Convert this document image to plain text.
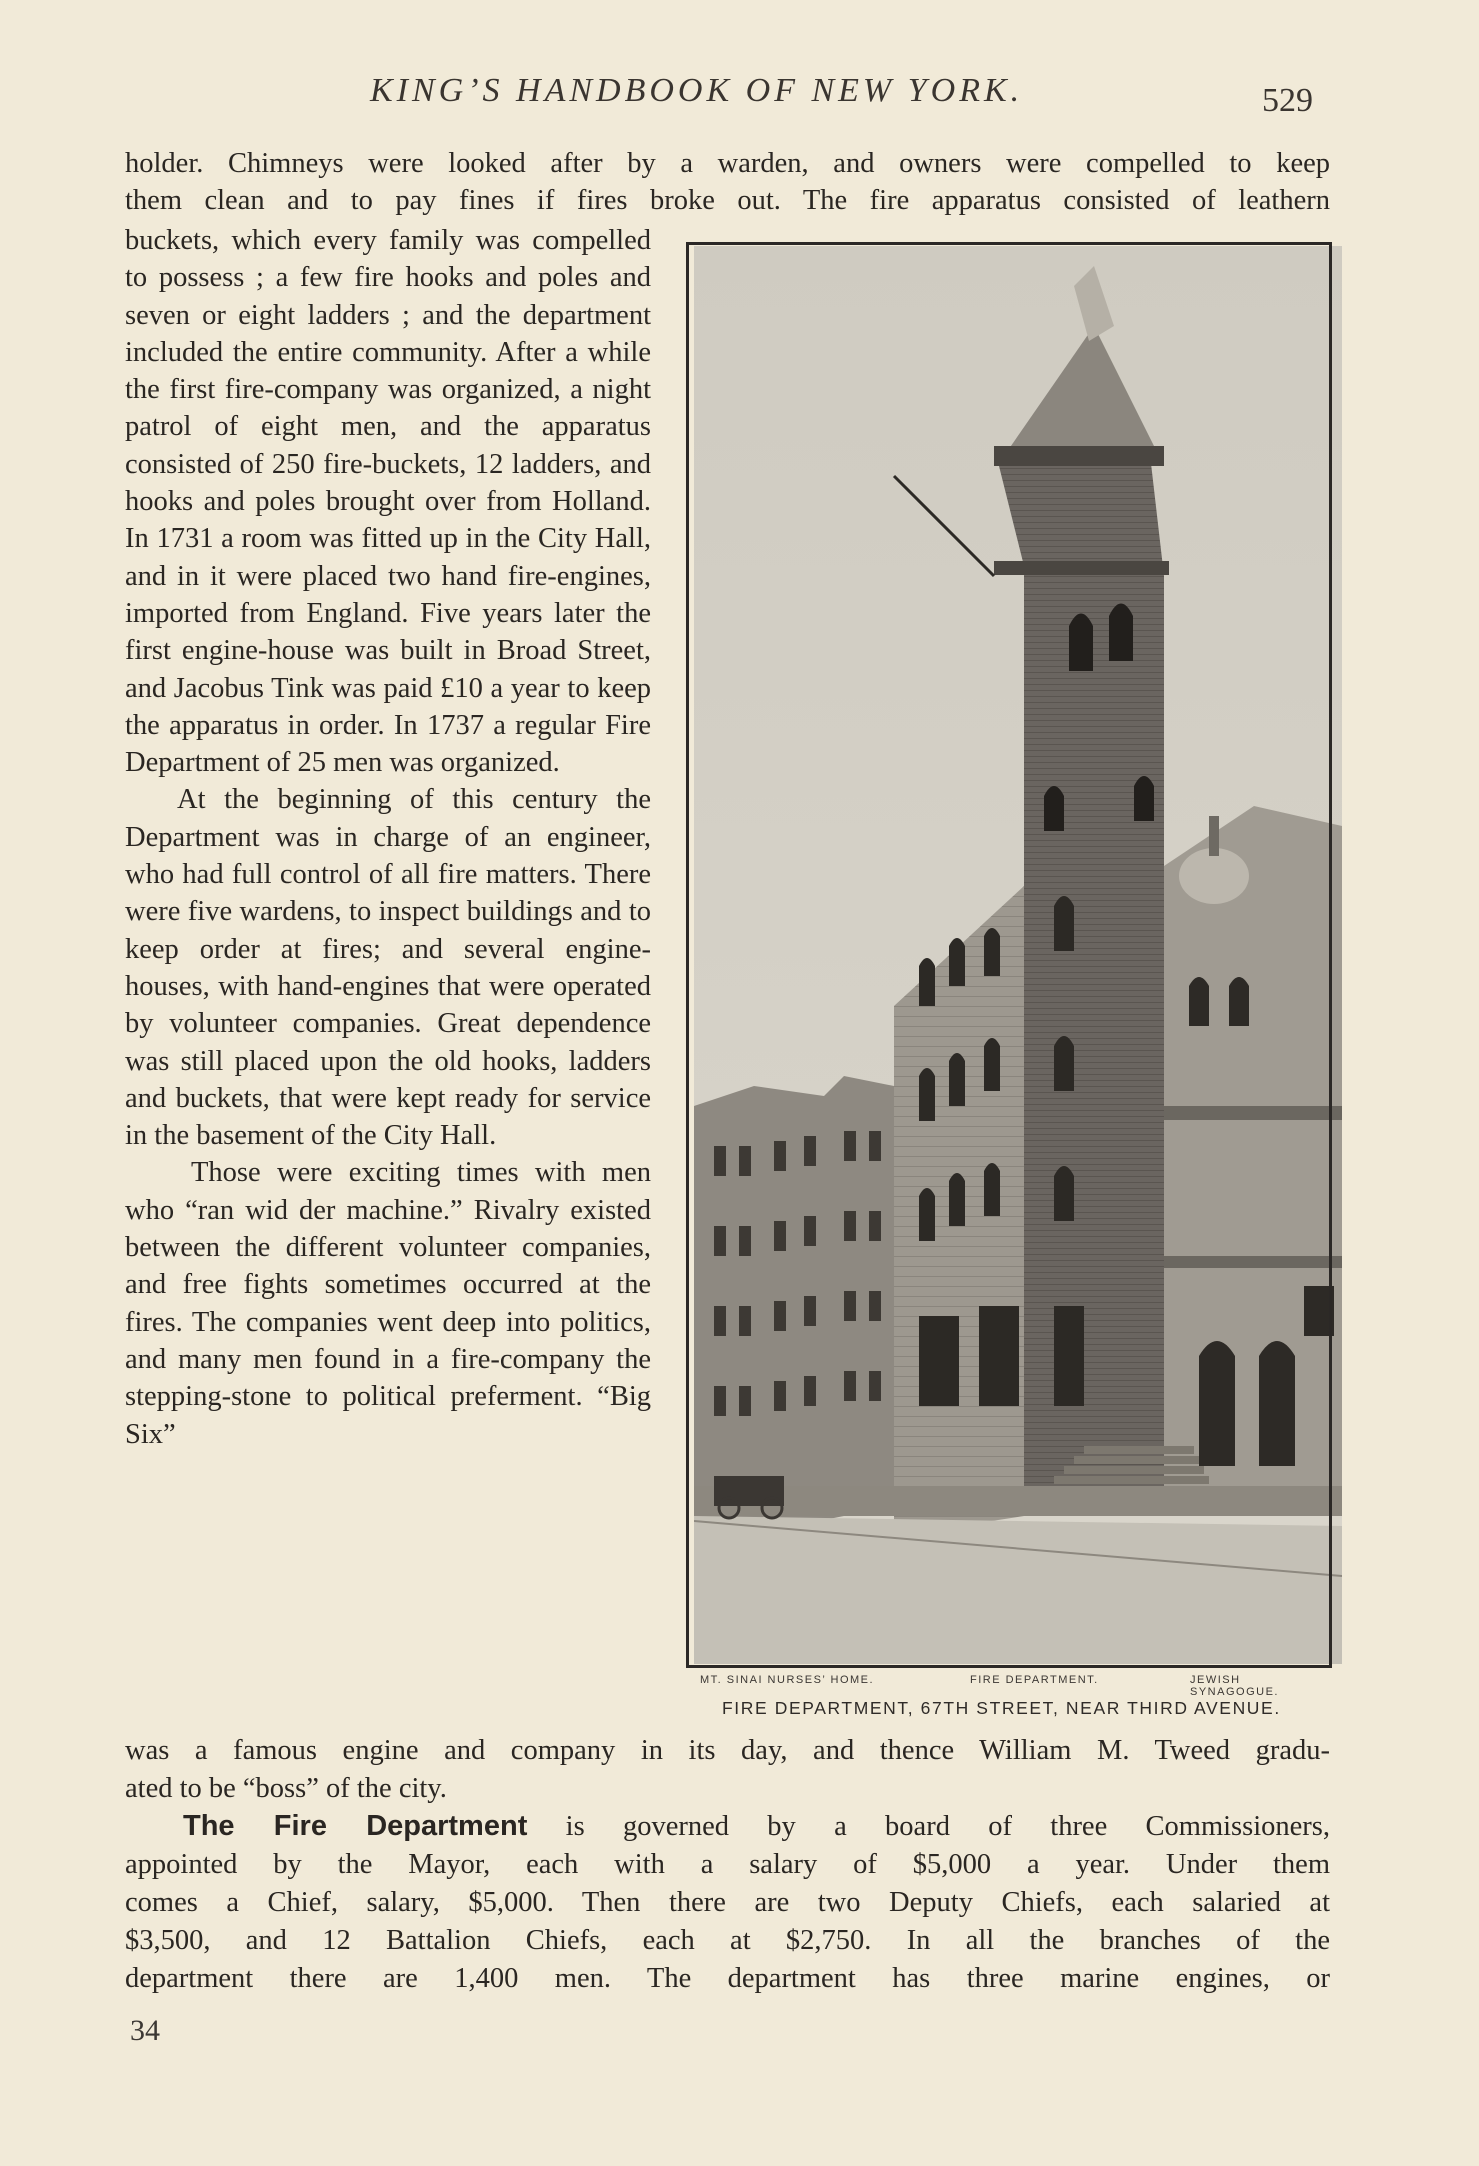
KING’S HANDBOOK OF NEW YORK.	529
holder. Chimneys were looked after by a warden, and owners were compelled to keep
them clean and to pay fines if fires broke out. The fire apparatus consisted of leathern

buckets, which every family was compelled to possess ; a few fire hooks and poles and seven or eight ladders ; and the department included the entire community. After a while the first fire-company was organized, a night patrol of eight men, and the apparatus consisted of 250 fire-buckets, 12 ladders, and hooks and poles brought over from Holland. In 1731 a room was fitted up in the City Hall, and in it were placed two hand fire-engines, imported from England. Five years later the first engine-house was built in Broad Street, and Jacobus Tink was paid £10 a year to keep the apparatus in order. In 1737 a regular Fire Department of 25 men was organized.

At the beginning of this century the Department was in charge of an engineer, who had full control of all fire matters. There were five wardens, to inspect buildings and to keep order at fires; and several engine-houses, with hand-engines that were operated by volunteer companies. Great dependence was still placed upon the old hooks, ladders and buckets, that were kept ready for service in the basement of the City Hall.

Those were exciting times with men who “ran wid der machine.” Rivalry existed between the different volunteer companies, and free fights sometimes occurred at the fires. The companies went deep into politics, and many men found in a fire-company the stepping-stone to political preferment. “Big Six”

MT. SINAI NURSES’ HOME.	FIRE DEPARTMENT.	JEWISH SYNAGOGUE.
FIRE DEPARTMENT, 67TH STREET, NEAR THIRD AVENUE.
was a famous engine and company in its day, and thence William M. Tweed gradu-
ated to be “boss” of the city.
The Fire Department is governed by a board of three Commissioners,
appointed by the Mayor, each with a salary of $5,000 a year. Under them
comes a Chief, salary, $5,000. Then there are two Deputy Chiefs, each salaried at
$3,500, and 12 Battalion Chiefs, each at $2,750. In all the branches of the
department there are 1,400 men. The department has three marine engines, or
34
